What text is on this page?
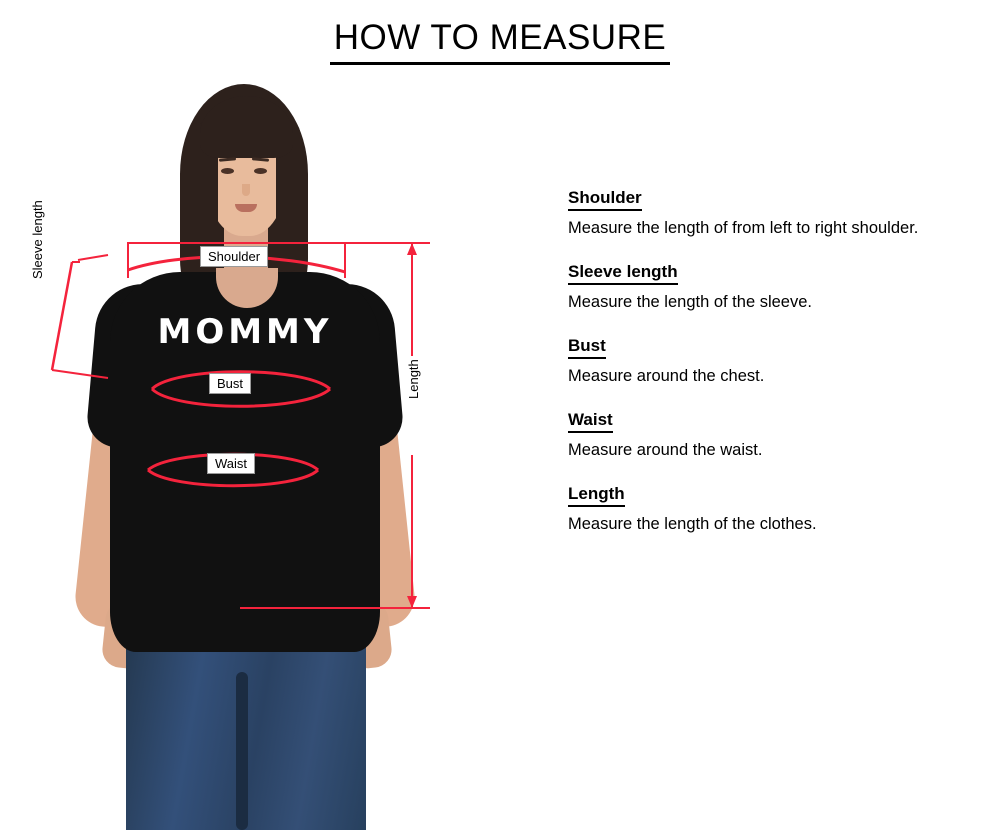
HOW TO MEASURE
MOMMY
Shoulder
Bust
Waist
Sleeve length
Length
Shoulder
Measure the length of from left to right shoulder.
Sleeve length
Measure the length of the sleeve.
Bust
Measure around the chest.
Waist
Measure around the waist.
Length
Measure the length of the clothes.
